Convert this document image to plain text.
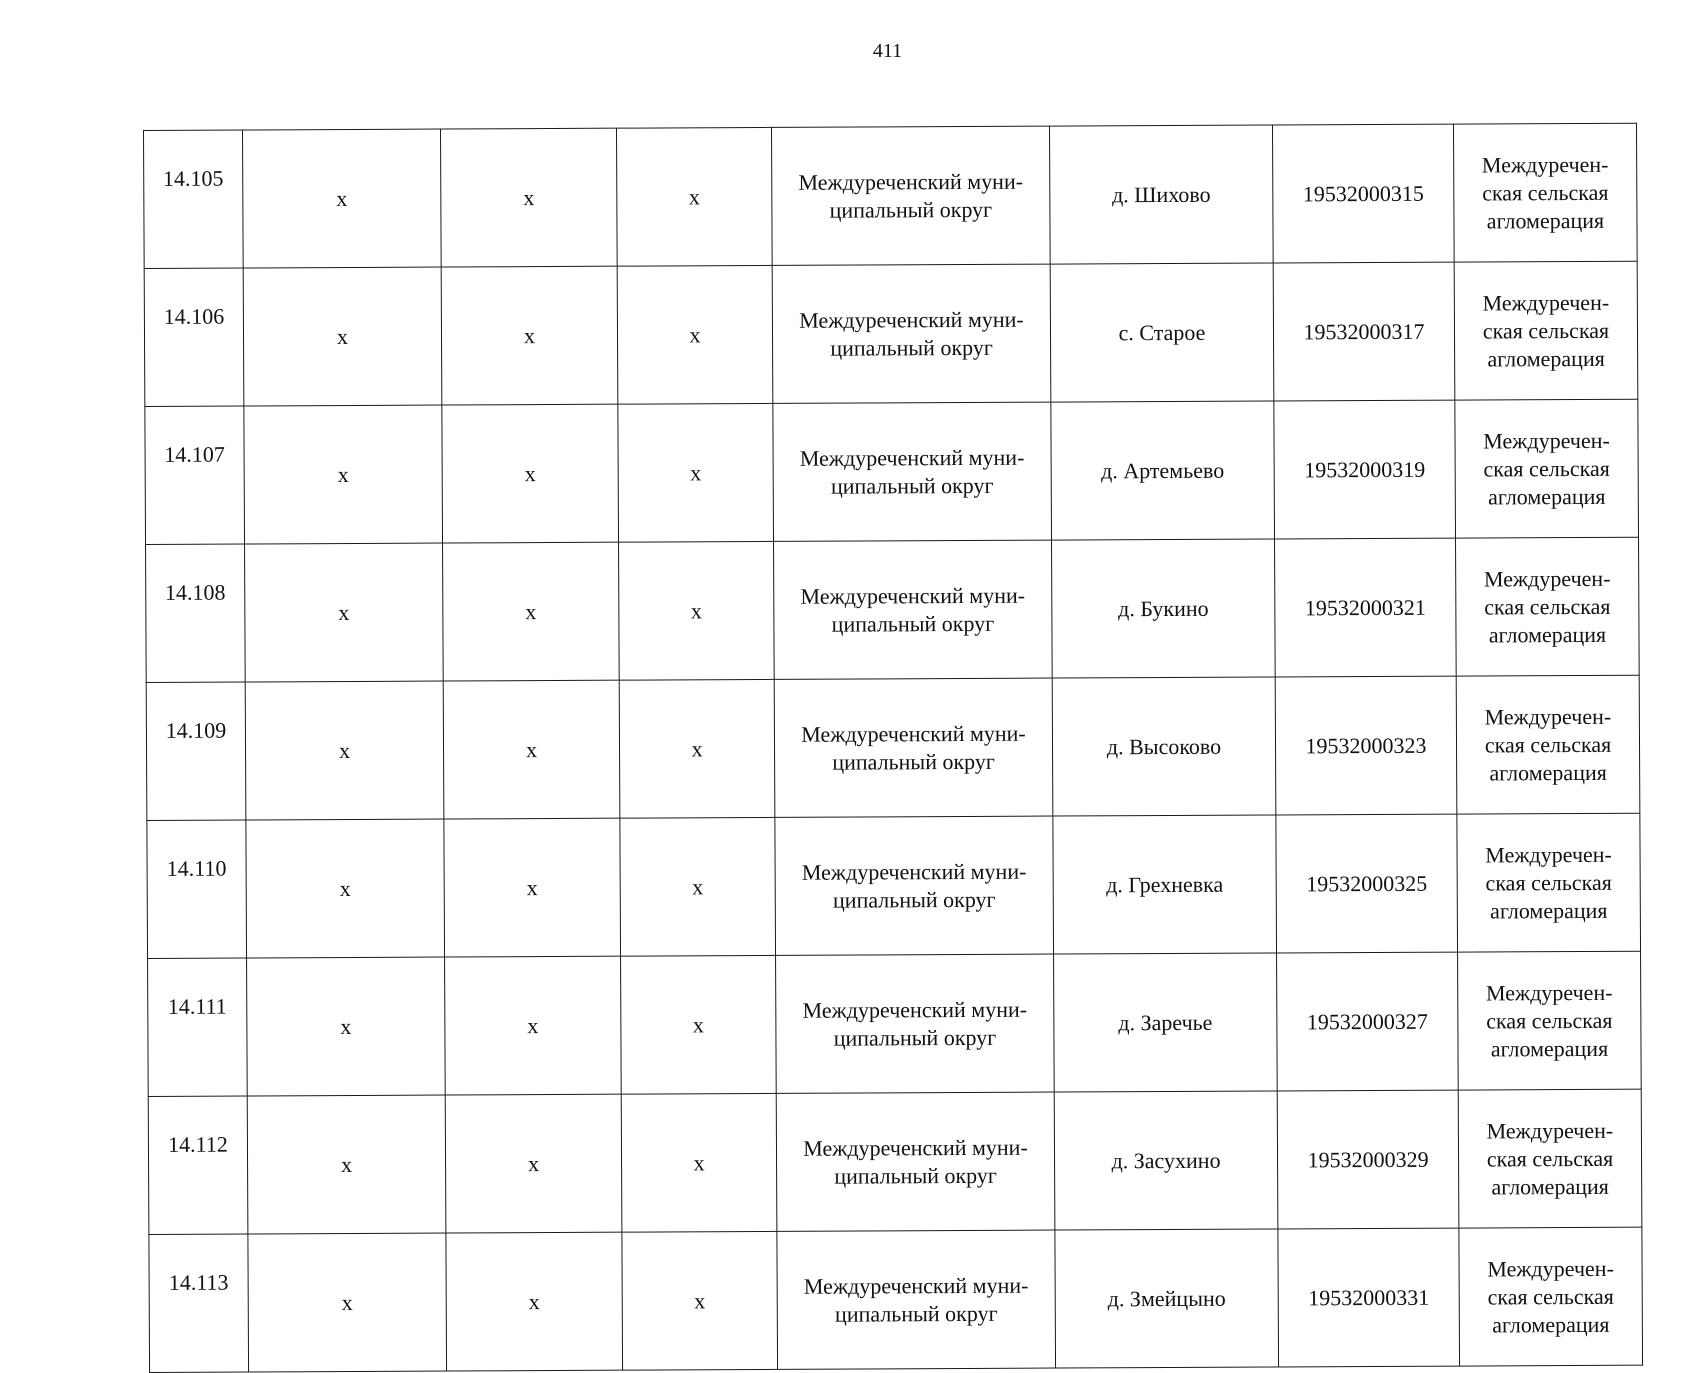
411
14.105	x	x	x	Междуреченский муни-
ципальный округ	д. Шихово	19532000315	Междуречен-
ская сельская
агломерация

14.106	x	x	x	Междуреченский муни-
ципальный округ	с. Старое	19532000317	Междуречен-
ская сельская
агломерация

14.107	x	x	x	Междуреченский муни-
ципальный округ	д. Артемьево	19532000319	Междуречен-
ская сельская
агломерация

14.108	x	x	x	Междуреченский муни-
ципальный округ	д. Букино	19532000321	Междуречен-
ская сельская
агломерация

14.109	x	x	x	Междуреченский муни-
ципальный округ	д. Высоково	19532000323	Междуречен-
ская сельская
агломерация

14.110	x	x	x	Междуреченский муни-
ципальный округ	д. Грехневка	19532000325	Междуречен-
ская сельская
агломерация

14.111	x	x	x	Междуреченский муни-
ципальный округ	д. Заречье	19532000327	Междуречен-
ская сельская
агломерация

14.112	x	x	x	Междуреченский муни-
ципальный округ	д. Засухино	19532000329	Междуречен-
ская сельская
агломерация

14.113	x	x	x	Междуреченский муни-
ципальный округ	д. Змейцыно	19532000331	Междуречен-
ская сельская
агломерация
